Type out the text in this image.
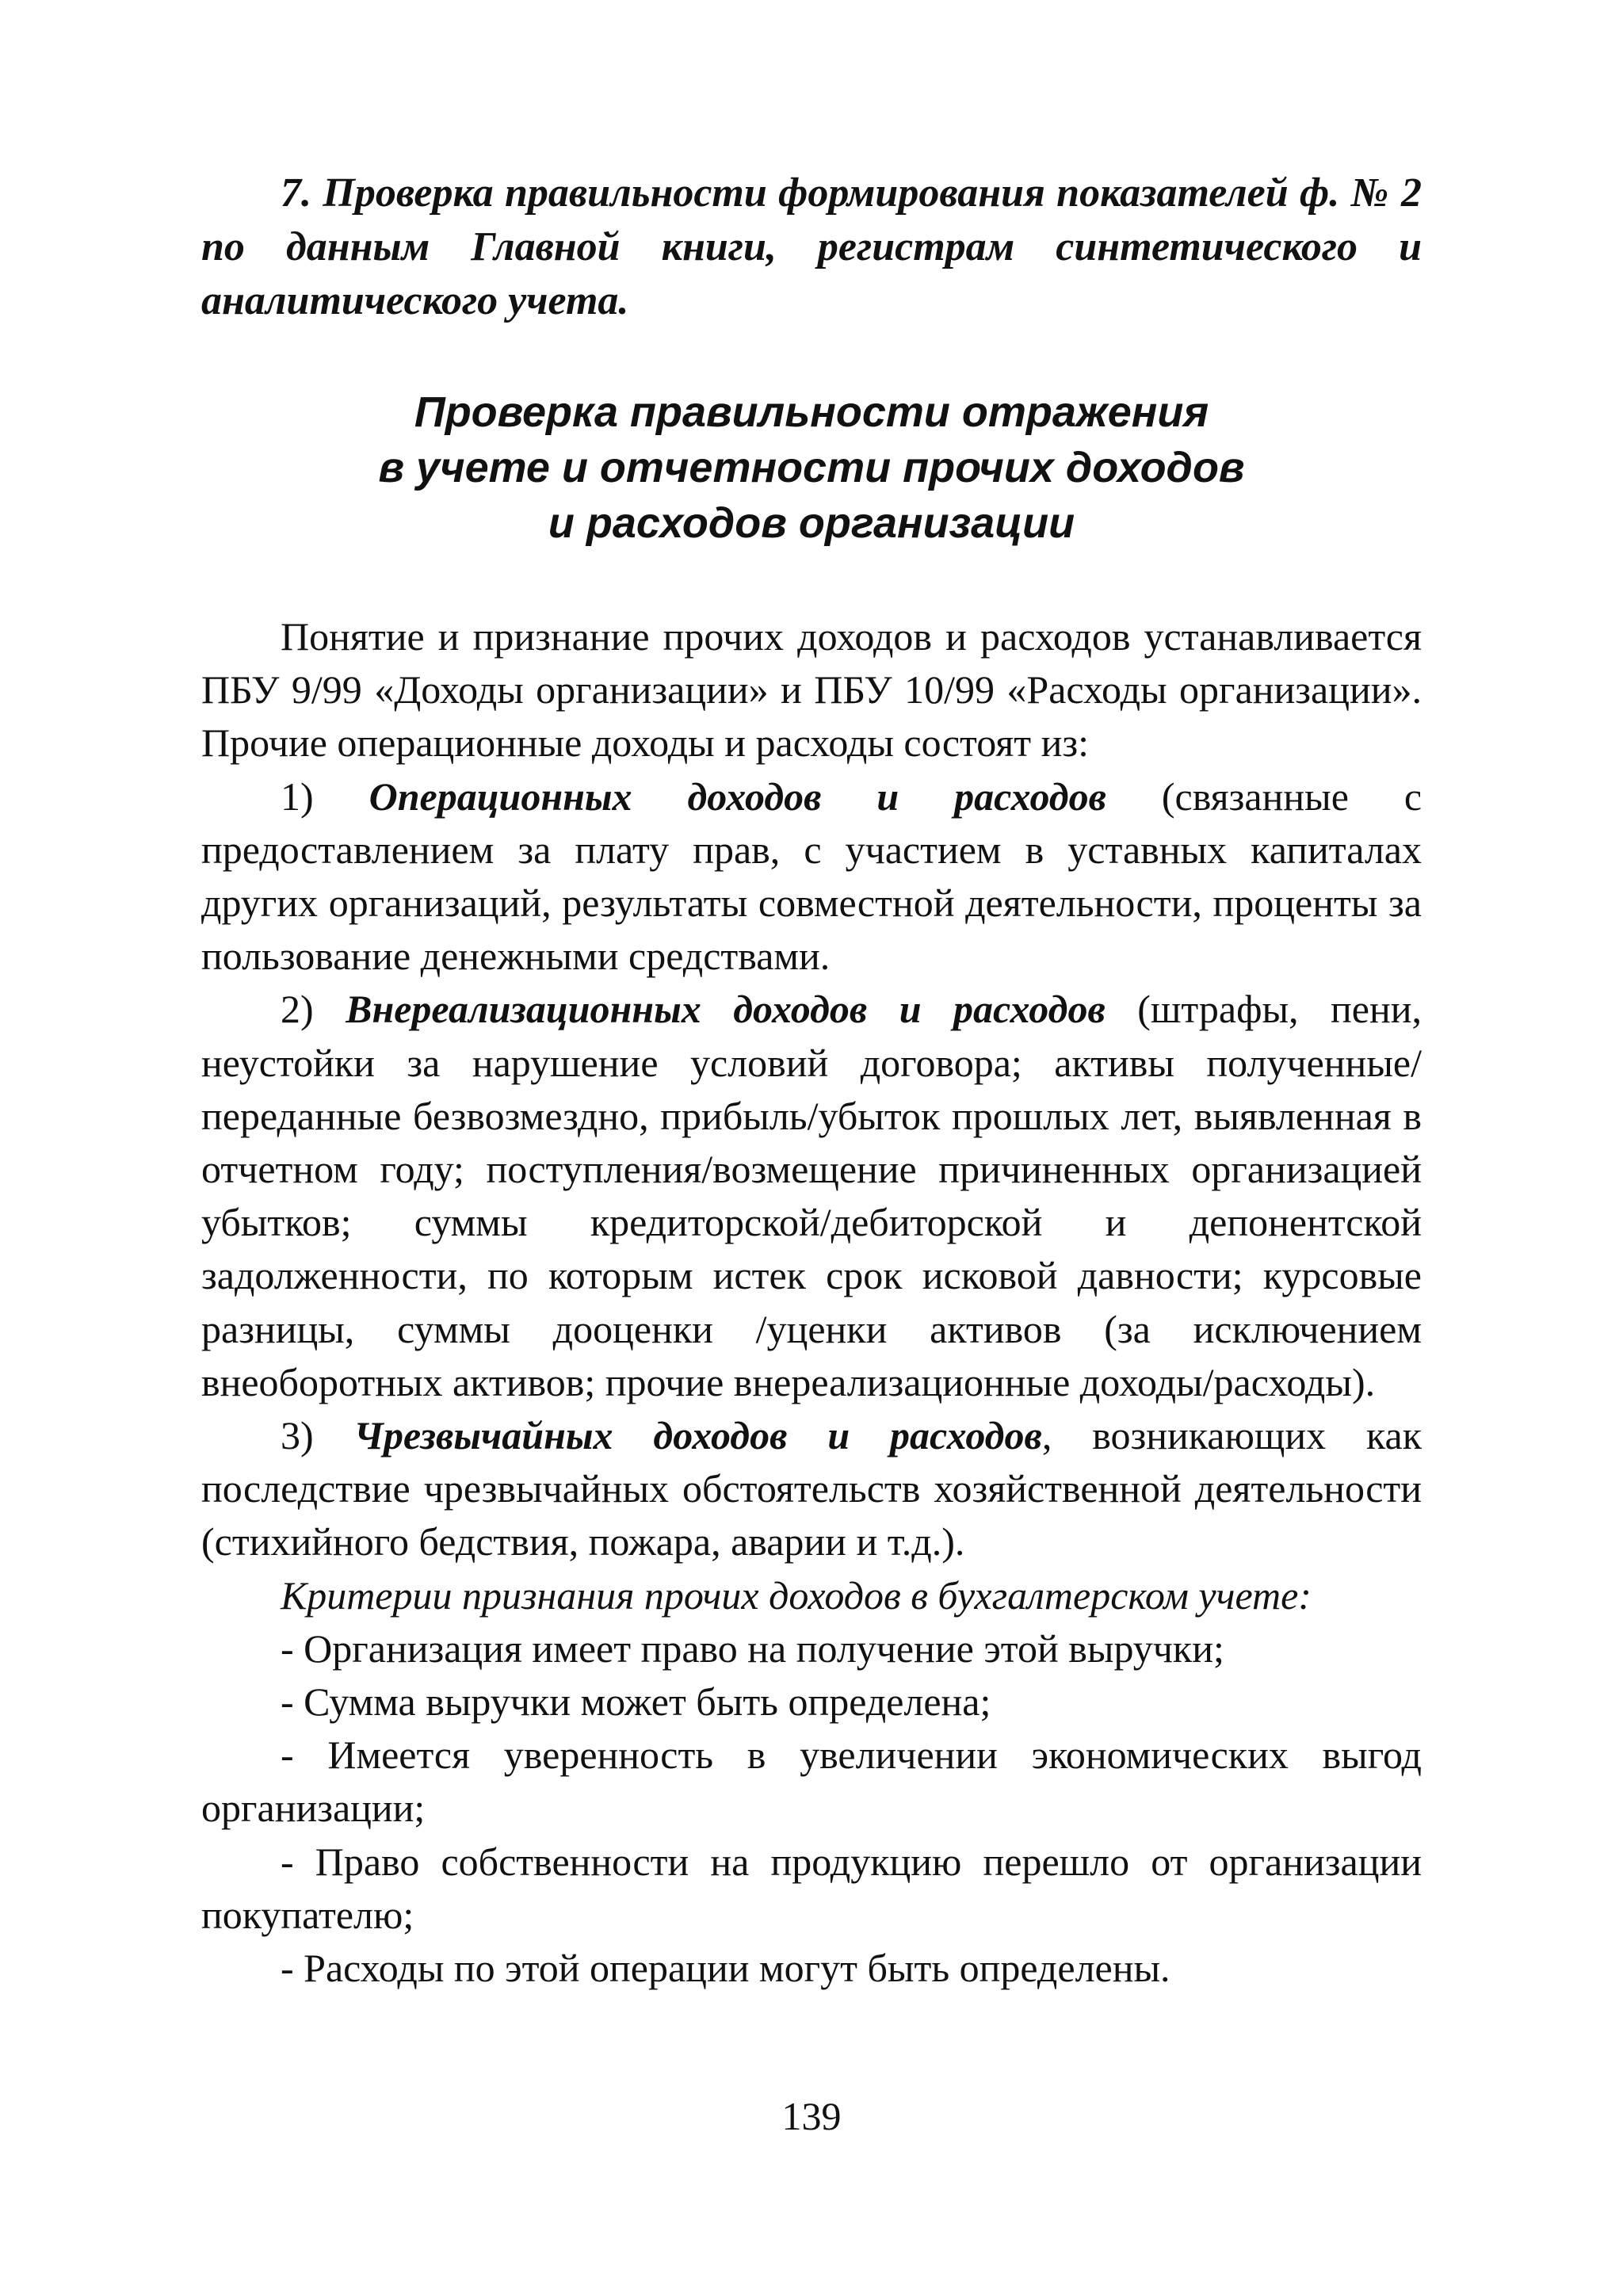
7. Проверка правильности формирования показателей ф. № 2 по данным Главной книги, регистрам синтетического и аналитического учета.

Проверка правильности отражения
в учете и отчетности прочих доходов
и расходов организации

Понятие и признание прочих доходов и расходов устанавливается ПБУ 9/99 «Доходы организации» и ПБУ 10/99 «Расходы организации». Прочие операционные доходы и расходы состоят из:

1) Операционных доходов и расходов (связанные с предоставлением за плату прав, с участием в уставных капиталах других организаций, результаты совместной деятельности, проценты за пользование денежными средствами.

2) Внереализационных доходов и расходов (штрафы, пени, неустойки за нарушение условий договора; активы полученные/переданные безвозмездно, прибыль/убыток прошлых лет, выявленная в отчетном году; поступления/возмещение причиненных организацией убытков; суммы кредиторской/дебиторской и депонентской задолженности, по которым истек срок исковой давности; курсовые разницы, суммы дооценки /уценки активов (за исключением внеоборотных активов; прочие внереализационные доходы/расходы).

3) Чрезвычайных доходов и расходов, возникающих как последствие чрезвычайных обстоятельств хозяйственной деятельности (стихийного бедствия, пожара, аварии и т.д.).

Критерии признания прочих доходов в бухгалтерском учете:

- Организация имеет право на получение этой выручки;

- Сумма выручки может быть определена;

- Имеется уверенность в увеличении экономических выгод организации;

- Право собственности на продукцию перешло от организации покупателю;

- Расходы по этой операции могут быть определены.

139
